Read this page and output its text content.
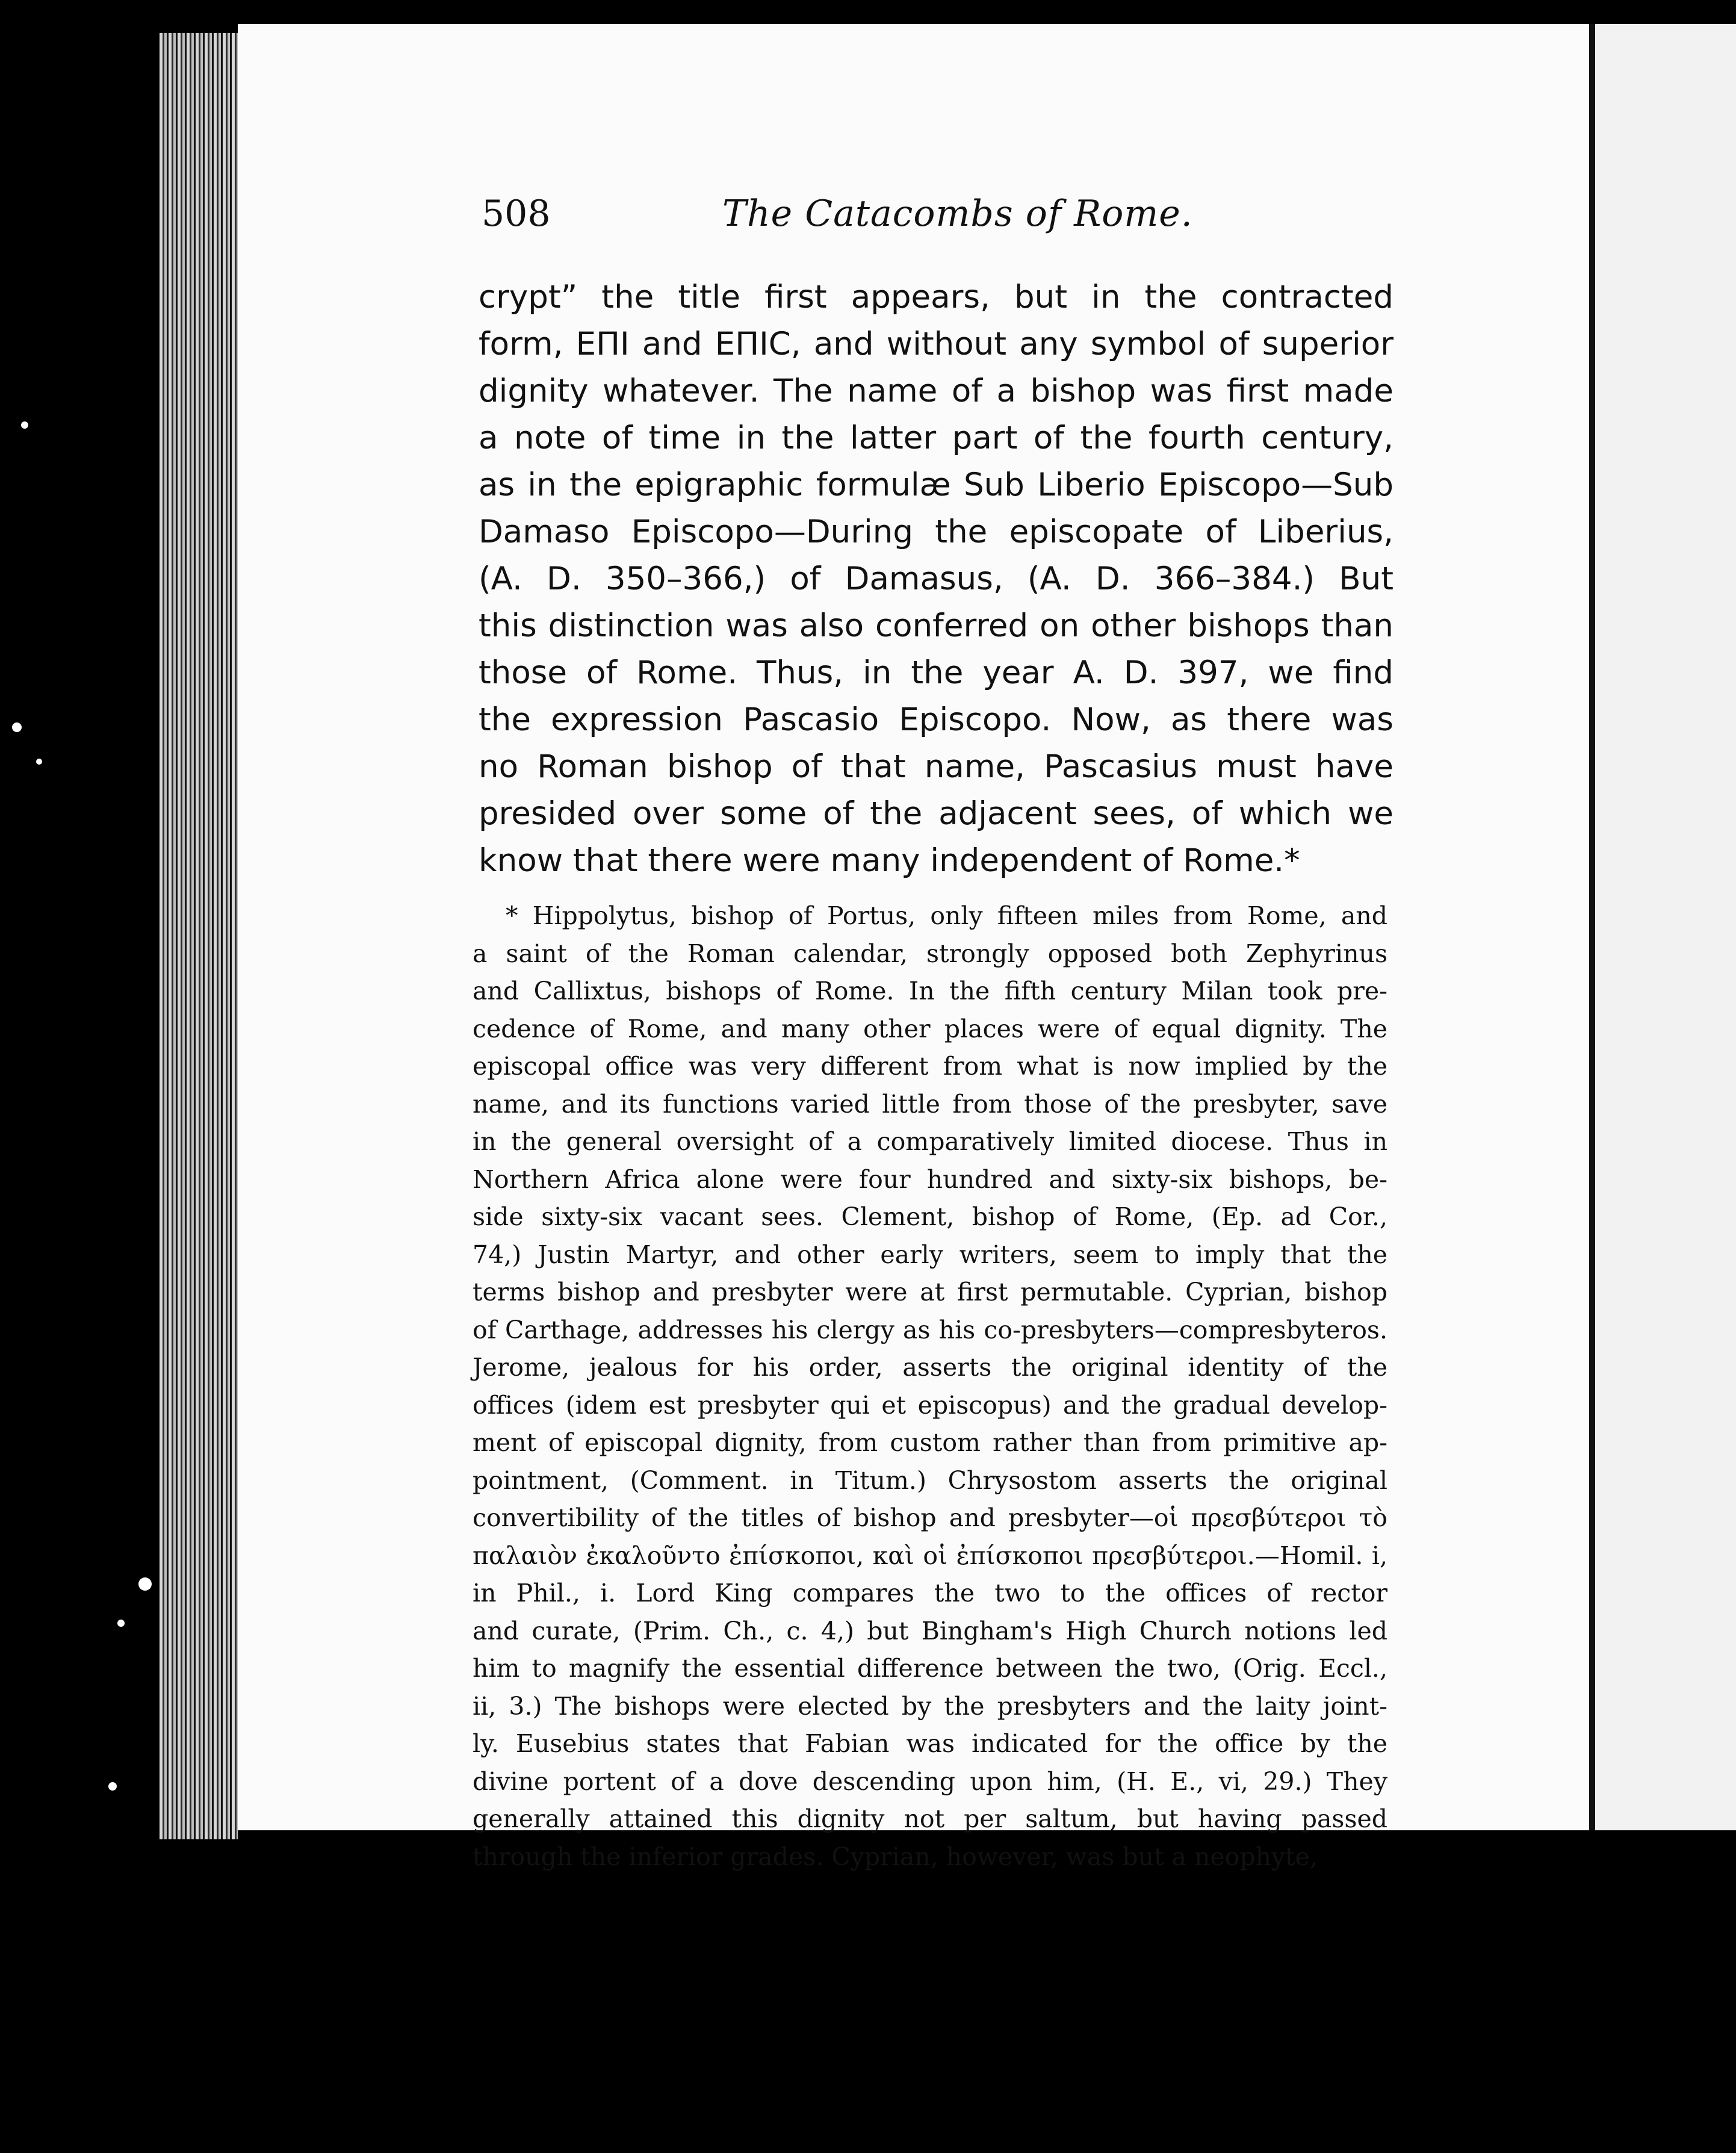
508	The Catacombs of Rome.
crypt” the title first appears, but in the contracted
form, ΕΠΙ and ΕΠΙС, and without any symbol of superior
dignity whatever. The name of a bishop was first made
a note of time in the latter part of the fourth century,
as in the epigraphic formulæ Sub Liberio Episcopo—Sub
Damaso Episcopo—During the episcopate of Liberius,
(A. D. 350–366,) of Damasus, (A. D. 366–384.) But
this distinction was also conferred on other bishops than
those of Rome. Thus, in the year A. D. 397, we find
the expression Pascasio Episcopo. Now, as there was
no Roman bishop of that name, Pascasius must have
presided over some of the adjacent sees, of which we
know that there were many independent of Rome.*
* Hippolytus, bishop of Portus, only fifteen miles from Rome, and
a saint of the Roman calendar, strongly opposed both Zephyrinus
and Callixtus, bishops of Rome. In the fifth century Milan took pre-
cedence of Rome, and many other places were of equal dignity. The
episcopal office was very different from what is now implied by the
name, and its functions varied little from those of the presbyter, save
in the general oversight of a comparatively limited diocese. Thus in
Northern Africa alone were four hundred and sixty-six bishops, be-
side sixty-six vacant sees. Clement, bishop of Rome, (Ep. ad Cor.,
74,) Justin Martyr, and other early writers, seem to imply that the
terms bishop and presbyter were at first permutable. Cyprian, bishop
of Carthage, addresses his clergy as his co-presbyters—compresbyteros.
Jerome, jealous for his order, asserts the original identity of the
offices (idem est presbyter qui et episcopus) and the gradual develop-
ment of episcopal dignity, from custom rather than from primitive ap-
pointment, (Comment. in Titum.) Chrysostom asserts the original
convertibility of the titles of bishop and presbyter—οἱ πρεσβύτεροι τὸ
παλαιὸν ἐκαλοῦντο ἐπίσκοποι, καὶ οἱ ἐπίσκοποι πρεσβύτεροι.—Homil. i,
in Phil., i. Lord King compares the two to the offices of rector
and curate, (Prim. Ch., c. 4,) but Bingham's High Church notions led
him to magnify the essential difference between the two, (Orig. Eccl.,
ii, 3.) The bishops were elected by the presbyters and the laity joint-
ly. Eusebius states that Fabian was indicated for the office by the
divine portent of a dove descending upon him, (H. E., vi, 29.) They
generally attained this dignity not per saltum, but having passed
through the inferior grades. Cyprian, however, was but a neophyte,
